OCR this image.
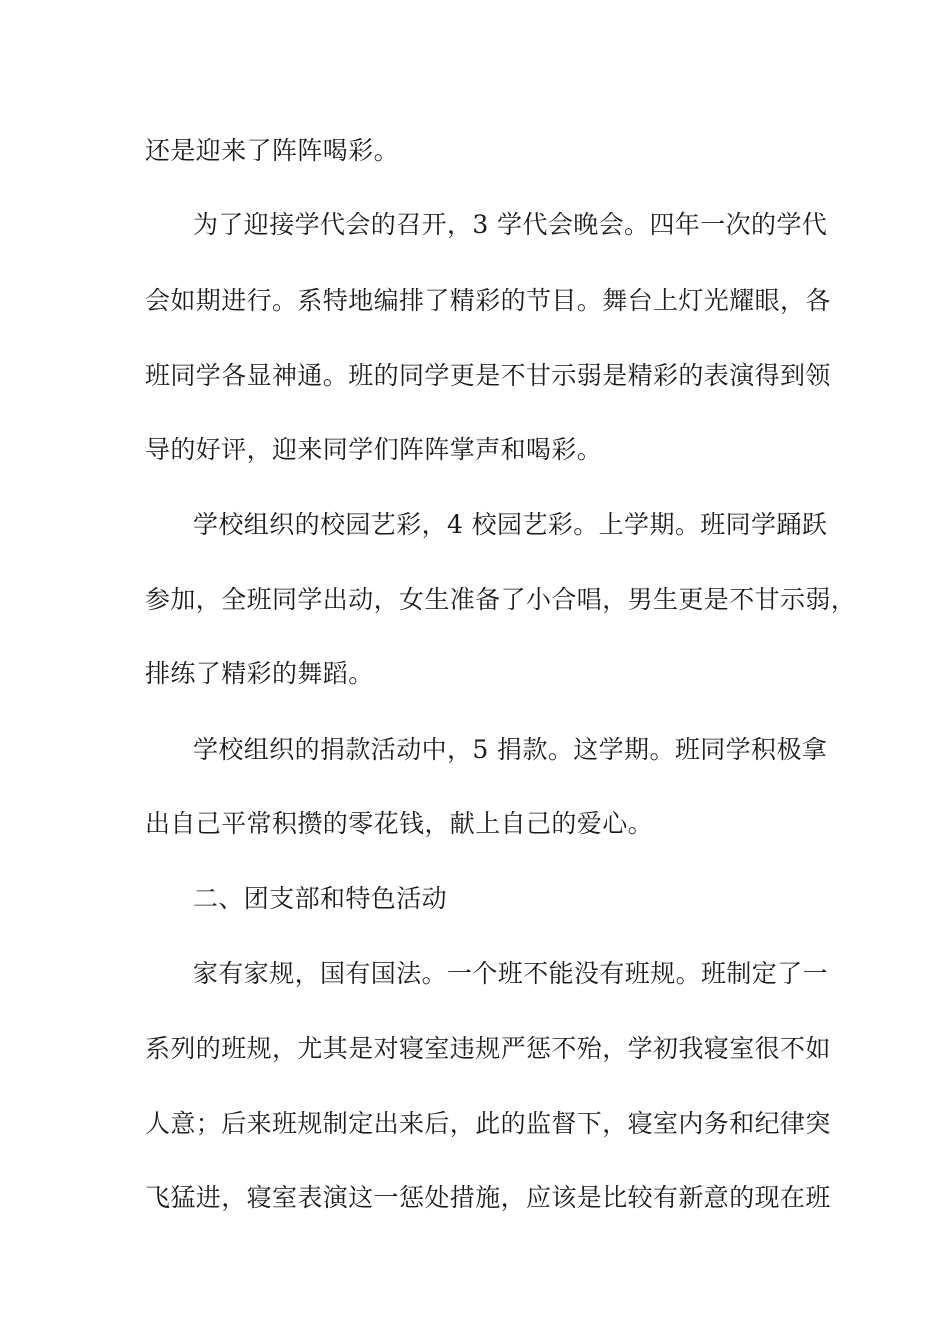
还是迎来了阵阵喝彩。
为了迎接学代会的召开，3 学代会晚会。四年一次的学代
会如期进行。系特地编排了精彩的节目。舞台上灯光耀眼，各
班同学各显神通。班的同学更是不甘示弱是精彩的表演得到领
导的好评，迎来同学们阵阵掌声和喝彩。
学校组织的校园艺彩，4 校园艺彩。上学期。班同学踊跃
参加，全班同学出动，女生准备了小合唱，男生更是不甘示弱，
排练了精彩的舞蹈。
学校组织的捐款活动中，5 捐款。这学期。班同学积极拿
出自己平常积攒的零花钱，献上自己的爱心。
二、团支部和特色活动
家有家规，国有国法。一个班不能没有班规。班制定了一
系列的班规，尤其是对寝室违规严惩不殆，学初我寝室很不如
人意；后来班规制定出来后，此的监督下，寝室内务和纪律突
飞猛进，寝室表演这一惩处措施，应该是比较有新意的现在班
